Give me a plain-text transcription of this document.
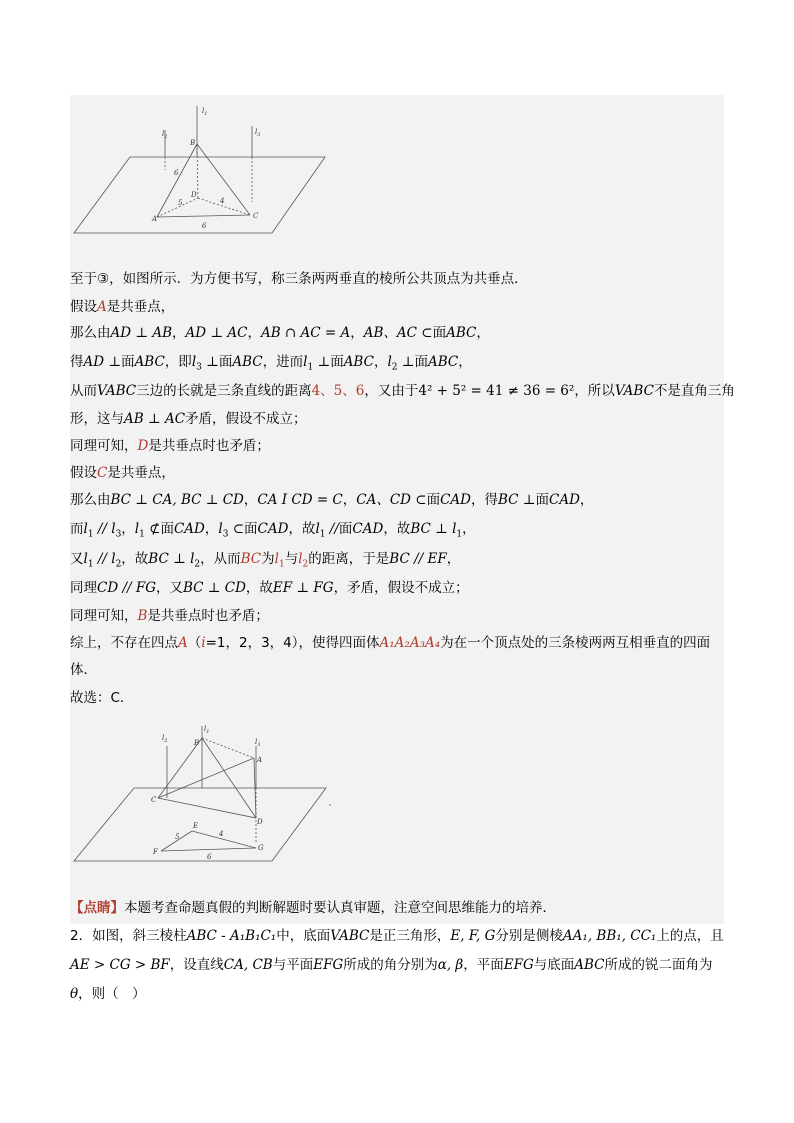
$l_1$
$l_2$
$l_3$
B
D
A	C
6
5	4
6
至于③，如图所示．为方便书写，称三条两两垂直的棱所公共顶点为共垂点．
假设A是共垂点，
那么由AD ⊥ AB，AD ⊥ AC，AB ∩ AC = A，AB、AC ⊂面ABC，
得AD ⊥面ABC，即$l_3$ ⊥面ABC，进而$l_1$ ⊥面ABC，$l_2$ ⊥面ABC，
从而VABC三边的长就是三条直线的距离4、5、6，又由于4² + 5² = 41 ≠ 36 = 6²，所以VABC不是直角三角
形，这与AB ⊥ AC矛盾，假设不成立；
同理可知，D是共垂点时也矛盾；
假设C是共垂点，
那么由BC ⊥ CA, BC ⊥ CD，CA I CD = C，CA、CD ⊂面CAD，得BC ⊥面CAD，
而$l_1 // l_3$，$l_1$ ⊄面CAD，$l_3$ ⊂面CAD，故$l_1$ //面CAD，故BC ⊥ $l_1$，
又$l_1 // l_2$，故BC ⊥ $l_2$，从而BC为$l_1$与$l_2$的距离，于是BC // EF，
同理CD // FG，又BC ⊥ CD，故EF ⊥ FG，矛盾，假设不成立；
同理可知，B是共垂点时也矛盾；
综上，不存在四点A（i=1，2，3，4），使得四面体A₁A₂A₃A₄为在一个顶点处的三条棱两两互相垂直的四面
体．
故选：C．
$l_1$
$l_2$	$l_3$
B
A
C
D
E
F	G
5	4
6
【点睛】本题考查命题真假的判断解题时要认真审题，注意空间思维能力的培养．
2．如图，斜三棱柱ABC - A₁B₁C₁中，底面VABC是正三角形，E, F, G分别是侧棱AA₁, BB₁, CC₁上的点，且
AE > CG > BF，设直线CA, CB与平面EFG所成的角分别为α, β，平面EFG与底面ABC所成的锐二面角为
θ，则（　）
